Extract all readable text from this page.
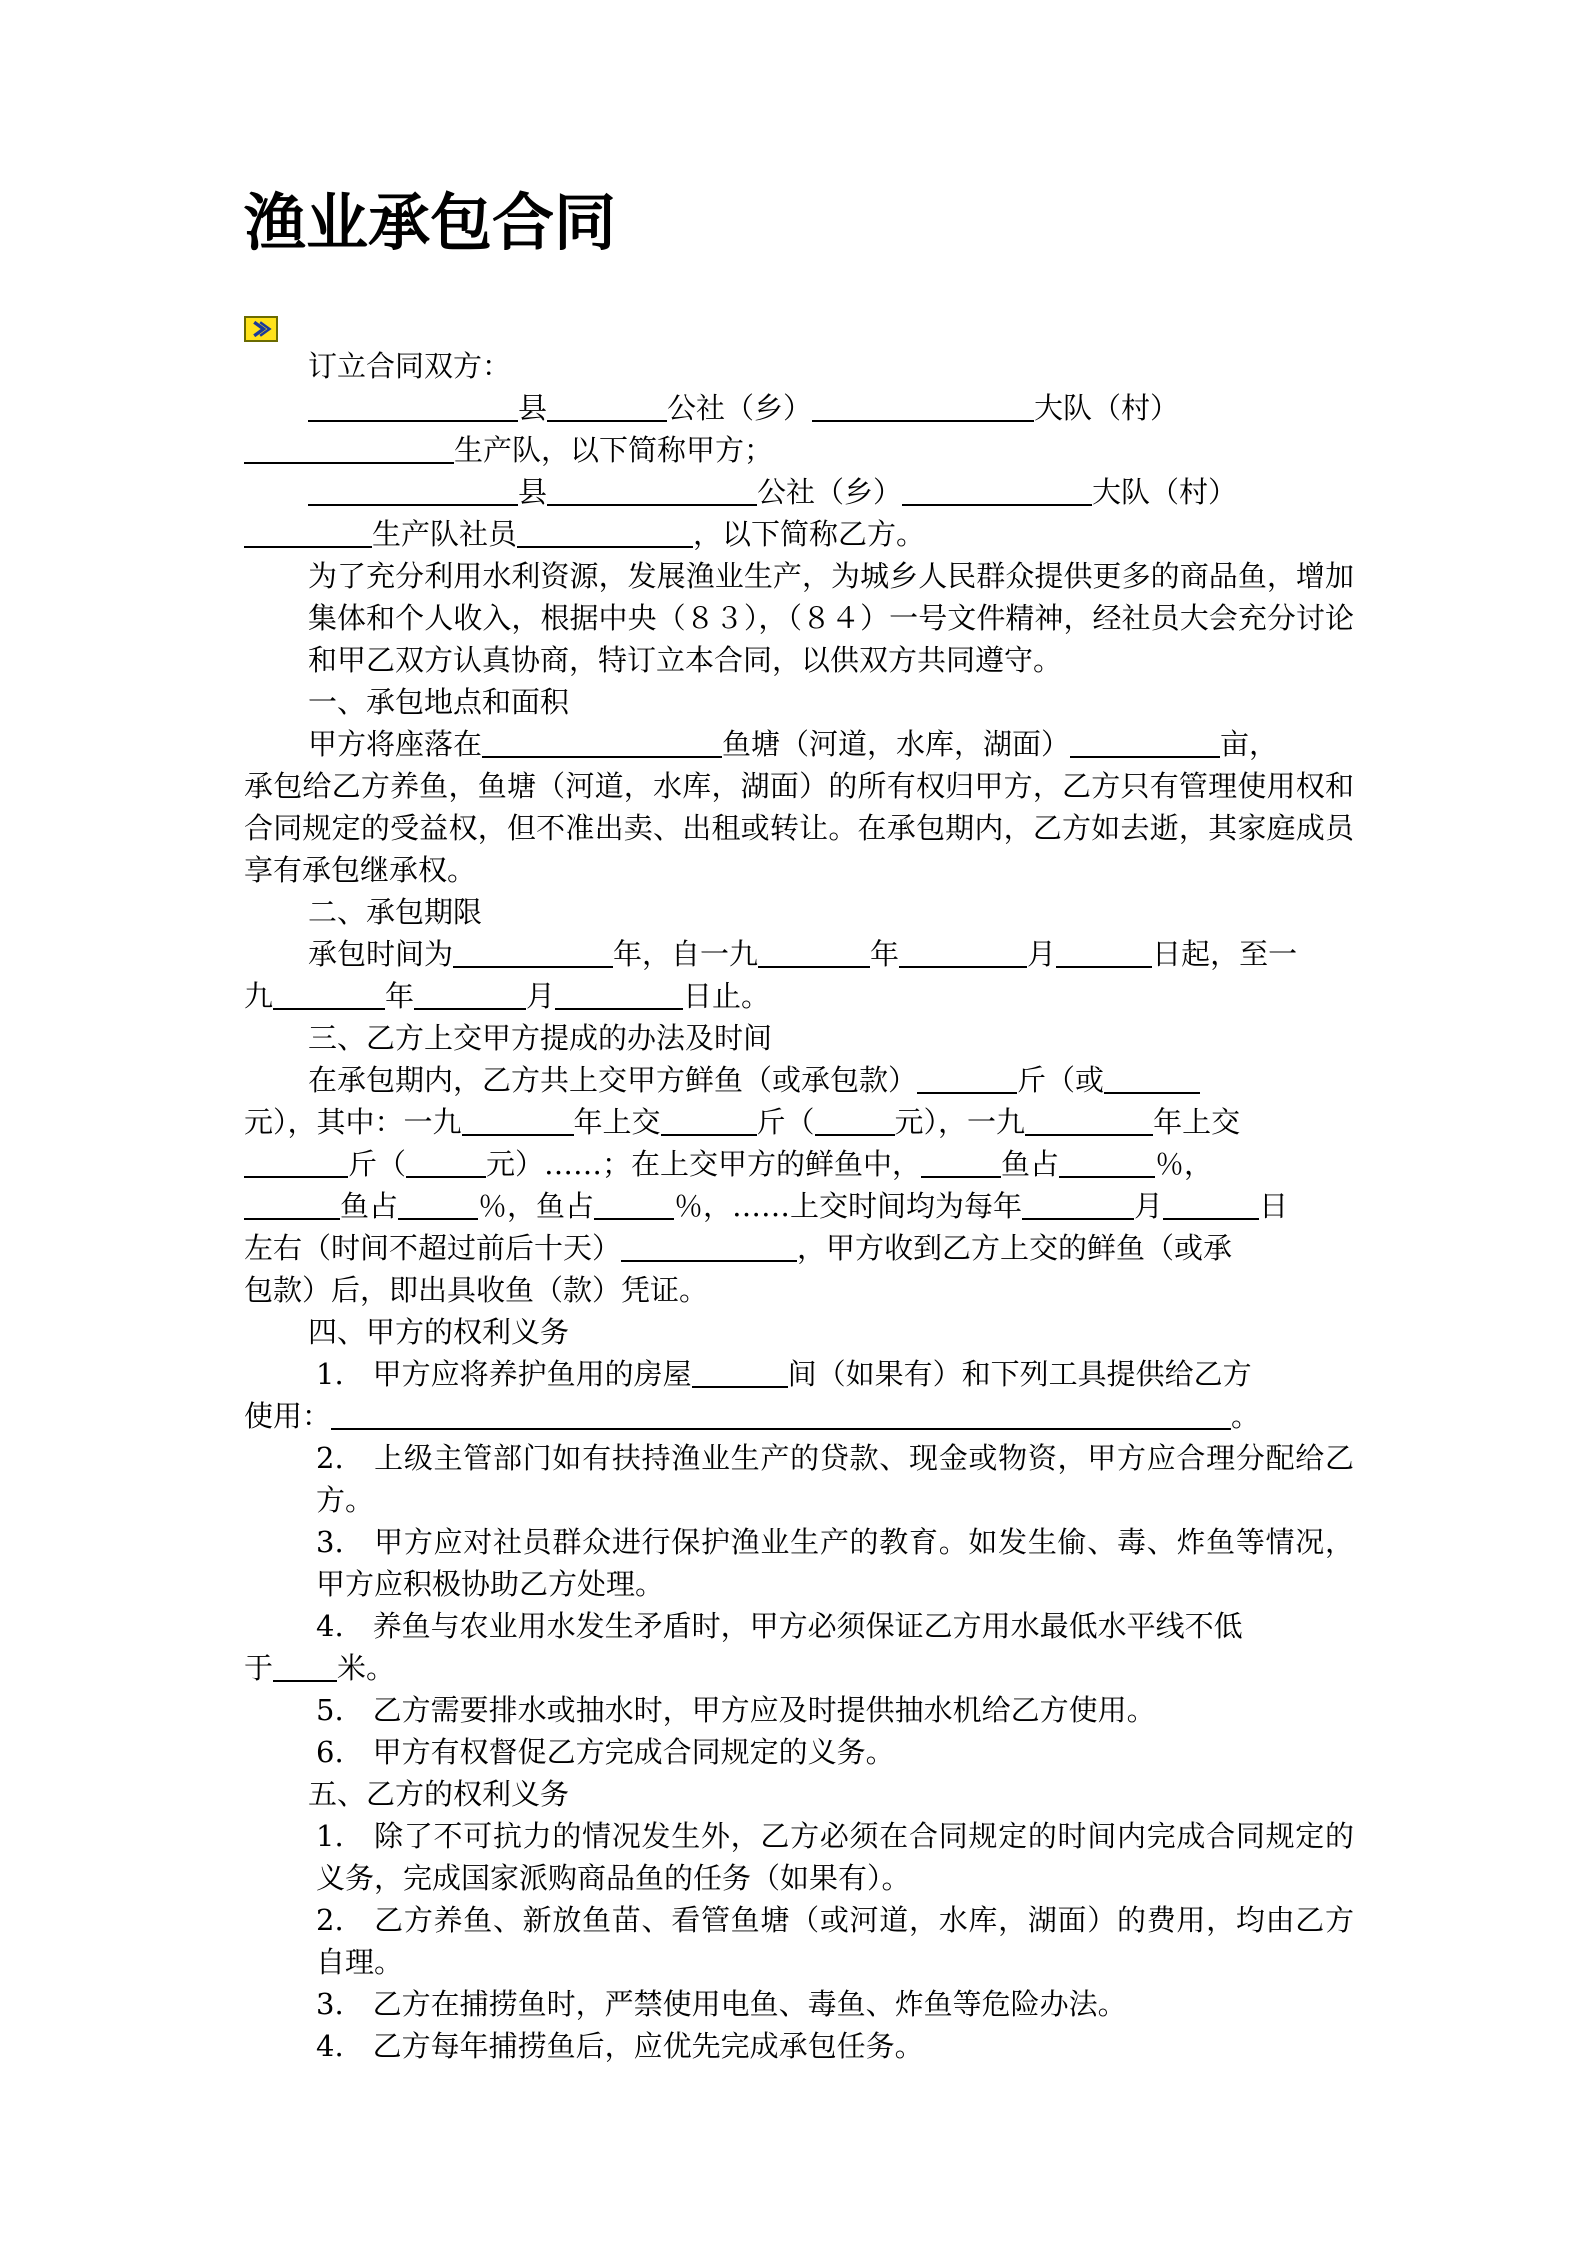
渔业承包合同
订立合同双方：
县	公社（乡）	大队（村）
生产队，以下简称甲方；
县	公社（乡）	大队（村）
生产队社员	，以下简称乙方。

为了充分利用水利资源，发展渔业生产，为城乡人民群众提供更多的商品鱼，增加集体和个人收入，根据中央（８３），（８４）一号文件精神，经社员大会充分讨论和甲乙双方认真协商，特订立本合同，以供双方共同遵守。

一、承包地点和面积
甲方将座落在	鱼塘（河道，水库，湖面）	亩，

承包给乙方养鱼，鱼塘（河道，水库，湖面）的所有权归甲方，乙方只有管理使用权和合同规定的受益权，但不准出卖、出租或转让。在承包期内，乙方如去逝，其家庭成员享有承包继承权。

二、承包期限
承包时间为	年，自一九	年	月	日起，至一
九	年	月	日止。
三、乙方上交甲方提成的办法及时间
在承包期内，乙方共上交甲方鲜鱼（或承包款）	斤（或
元），其中：一九	年上交	斤（	元），一九	年上交
斤（	元）……；在上交甲方的鲜鱼中，	鱼占	％，
鱼占	％，鱼占	％，……上交时间均为每年	月	日
左右（时间不超过前后十天）	，甲方收到乙方上交的鲜鱼（或承
包款）后，即出具收鱼（款）凭证。
四、甲方的权利义务
1.　甲方应将养护鱼用的房屋	间（如果有）和下列工具提供给乙方
使用：	。

2.　上级主管部门如有扶持渔业生产的贷款、现金或物资，甲方应合理分配给乙方。

3.　甲方应对社员群众进行保护渔业生产的教育。如发生偷、毒、炸鱼等情况，甲方应积极协助乙方处理。

4.　养鱼与农业用水发生矛盾时，甲方必须保证乙方用水最低水平线不低
于 米。
5.　乙方需要排水或抽水时，甲方应及时提供抽水机给乙方使用。
6.　甲方有权督促乙方完成合同规定的义务。
五、乙方的权利义务

1.　除了不可抗力的情况发生外，乙方必须在合同规定的时间内完成合同规定的义务，完成国家派购商品鱼的任务（如果有）。

2.　乙方养鱼、新放鱼苗、看管鱼塘（或河道，水库，湖面）的费用，均由乙方自理。

3.　乙方在捕捞鱼时，严禁使用电鱼、毒鱼、炸鱼等危险办法。
4.　乙方每年捕捞鱼后，应优先完成承包任务。
